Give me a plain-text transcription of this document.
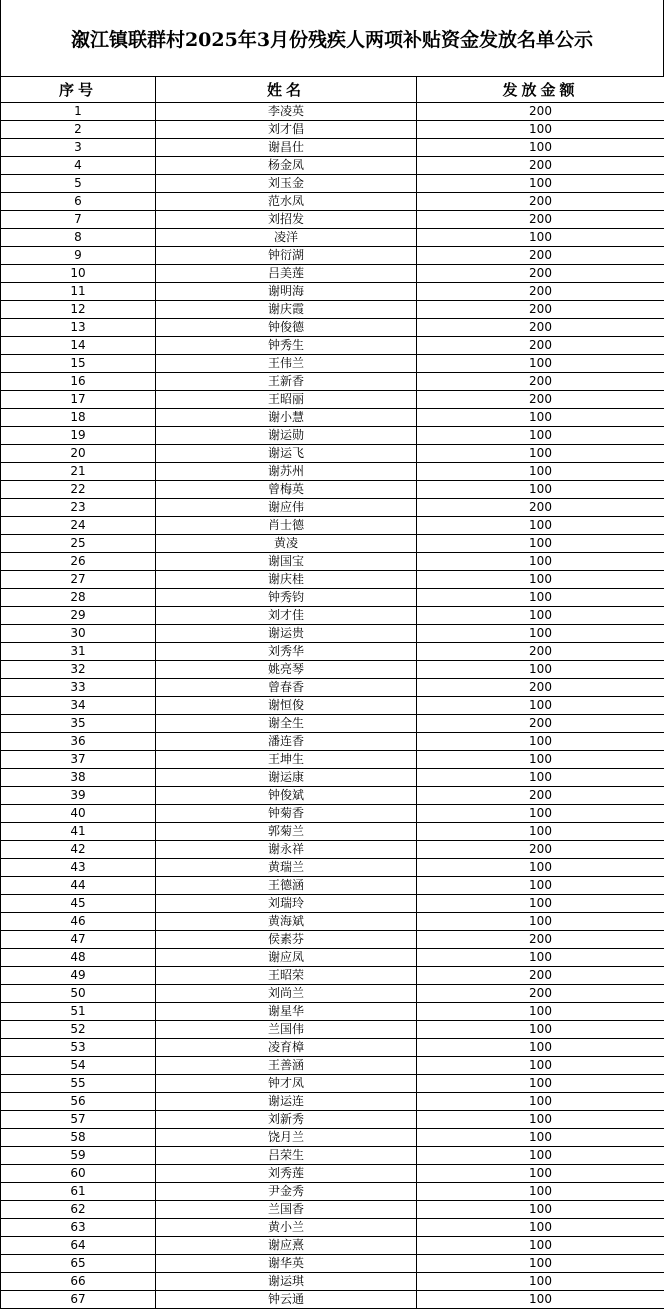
溆江镇联群村2025年3月份残疾人两项补贴资金发放名单公示
序号	姓名	发放金额
1	李凌英	200
2	刘才倡	100
3	谢昌仕	100
4	杨金凤	200
5	刘玉金	100
6	范水凤	200
7	刘招发	200
8	凌洋	100
9	钟衍湖	200
10	吕美莲	200
11	谢明海	200
12	谢庆霞	200
13	钟俊德	200
14	钟秀生	200
15	王伟兰	100
16	王新香	200
17	王昭丽	200
18	谢小慧	100
19	谢运勋	100
20	谢运飞	100
21	谢苏州	100
22	曾梅英	100
23	谢应伟	200
24	肖士德	100
25	黄凌	100
26	谢国宝	100
27	谢庆桂	100
28	钟秀钧	100
29	刘才佳	100
30	谢运贵	100
31	刘秀华	200
32	姚亮琴	100
33	曾春香	200
34	谢恒俊	100
35	谢全生	200
36	潘连香	100
37	王坤生	100
38	谢运康	100
39	钟俊斌	200
40	钟菊香	100
41	郭菊兰	100
42	谢永祥	200
43	黄瑞兰	100
44	王德涵	100
45	刘瑞玲	100
46	黄海斌	100
47	侯素芬	200
48	谢应凤	100
49	王昭荣	200
50	刘尚兰	200
51	谢星华	100
52	兰国伟	100
53	凌育樟	100
54	王善涵	100
55	钟才凤	100
56	谢运连	100
57	刘新秀	100
58	饶月兰	100
59	吕荣生	100
60	刘秀莲	100
61	尹金秀	100
62	兰国香	100
63	黄小兰	100
64	谢应熹	100
65	谢华英	100
66	谢运琪	100
67	钟云通	100
